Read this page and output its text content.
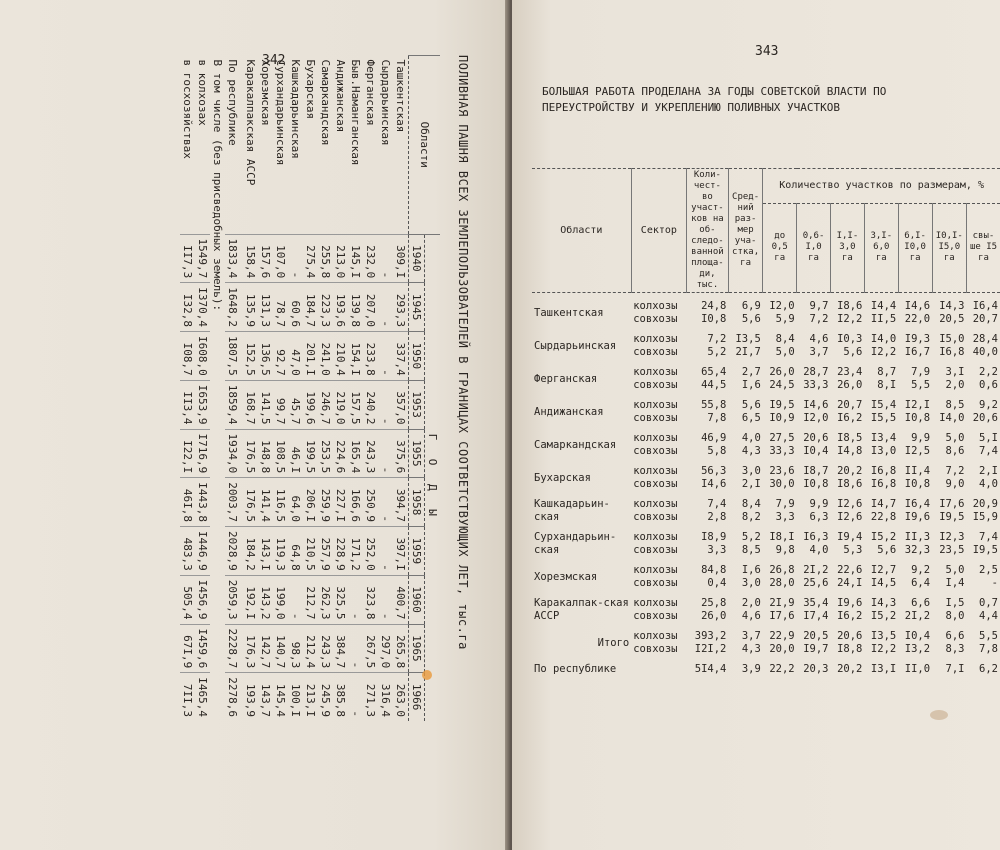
342	ПОЛИВНАЯ ПАШНЯ ВСЕХ ЗЕМЛЕПОЛЬЗОВАТЕЛЕЙ В ГРАНИЦАХ СООТВЕТСТВУЮЩИХ ЛЕТ, тыс.га
Области	Г О Д Ы									
	1940	1945	1950	1953	1955	1958	1959	1960	1965	1966
Ташкентская	309,I	293,3	337,4	357,0	375,6	394,7	397,I	400,7	265,8	263,0
Сырдарьинская	-	-	-	-	-	-	-	-	297,0	316,4
Ферганская	232,0	207,0	233,8	240,2	243,3	250,9	252,0	323,8	267,5	271,3
Быв.Наманганская	145,I	139,8	154,I	157,5	165,4	166,6	171,2	-	-	-
Андижанская	213,0	193,6	210,4	219,0	224,6	227,I	228,9	325,5	384,7	385,8
Самаркандская	255,8	223,3	241,0	246,7	253,5	259,9	257,9	262,3	243,3	245,9
Бухарская	275,4	184,7	201,I	199,6	199,5	206,I	210,5	212,7	212,4	213,I
Кашкадарьинская	-	60,6	47,0	45,7	46,I	64,0	64,8	-	98,3	100,I
Сурхандарьинская	107,0	78,7	92,7	99,7	108,5	116,5	119,3	199,0	140,7	145,4
Хорезмская	157,6	131,3	136,5	141,5	148,8	141,4	143,I	143,2	142,7	143,7
Каракалпакская АССР	158,4	135,9	152,5	168,7	176,5	176,5	184,2	192,I	176,3	193,9
По республике	1833,4	1648,2	1807,5	1859,4	1934,0	2003,7	2028,9	2059,3	2228,7	2278,6
В том числе (без присведобных земель):										
в колхозах	1549,7	I370,4	I608,0	I653,9	I716,9	I443,8	I446,9	I456,9	I459,6	I465,4
в госхозяйствах	II7,3	I32,8	I08,7	II3,4	I22,I	46I,8	483,3	505,4	67I,9	7II,3
343
БОЛЬШАЯ РАБОТА ПРОДЕЛАНА ЗА ГОДЫ СОВЕТСКОЙ ВЛАСТИ ПО ПЕРЕУСТРОЙСТВУ И УКРЕПЛЕНИЮ ПОЛИВНЫХ УЧАСТКОВ
Области	Сектор	Коли-чест-во участ-ков на об-следо-ванной площа-ди, тыс.	Сред-ний раз-мер уча-стка, га	Количество участков по размерам, %						
				до 0,5 га	0,6-I,0 га	I,I-3,0 га	3,I-6,0 га	6,I-I0,0 га	I0,I-I5,0 га	свы-ше I5 га

Ташкентская	колхозы	24,8	6,9	I2,0	9,7	I8,6	I4,4	I4,6	I4,3	I6,4
	совхозы	I0,8	5,6	5,9	7,2	I2,2	II,5	22,0	20,5	20,7

Сырдарьинская	колхозы	7,2	I3,5	8,4	4,6	I0,3	I4,0	I9,3	I5,0	28,4
	совхозы	5,2	2I,7	5,0	3,7	5,6	I2,2	I6,7	I6,8	40,0

Ферганская	колхозы	65,4	2,7	26,0	28,7	23,4	8,7	7,9	3,I	2,2
	совхозы	44,5	I,6	24,5	33,3	26,0	8,I	5,5	2,0	0,6

Андижанская	колхозы	55,8	5,6	I9,5	I4,6	20,7	I5,4	I2,I	8,5	9,2
	совхозы	7,8	6,5	I0,9	I2,0	I6,2	I5,5	I0,8	I4,0	20,6

Самаркандская	колхозы	46,9	4,0	27,5	20,6	I8,5	I3,4	9,9	5,0	5,I
	совхозы	5,8	4,3	33,3	I0,4	I4,8	I3,0	I2,5	8,6	7,4

Бухарская	колхозы	56,3	3,0	23,6	I8,7	20,2	I6,8	II,4	7,2	2,I
	совхозы	I4,6	2,I	30,0	I0,8	I8,6	I6,8	I0,8	9,0	4,0

Кашкадарьин-ская	колхозы	7,4	8,4	7,9	9,9	I2,6	I4,7	I6,4	I7,6	20,9
	совхозы	2,8	8,2	3,3	6,3	I2,6	22,8	I9,6	I9,5	I5,9

Сурхандарьин-ская	колхозы	I8,9	5,2	I8,I	I6,3	I9,4	I5,2	II,3	I2,3	7,4
	совхозы	3,3	8,5	9,8	4,0	5,3	5,6	32,3	23,5	I9,5

Хорезмская	колхозы	84,8	I,6	26,8	2I,2	22,6	I2,7	9,2	5,0	2,5
	совхозы	0,4	3,0	28,0	25,6	24,I	I4,5	6,4	I,4	-

Каракалпак-ская АССР	колхозы	25,8	2,0	2I,9	35,4	I9,6	I4,3	6,6	I,5	0,7
	совхозы	26,0	4,6	I7,6	I7,4	I6,2	I5,2	2I,2	8,0	4,4

Итого	колхозы	393,2	3,7	22,9	20,5	20,6	I3,5	I0,4	6,6	5,5
	совхозы	I2I,2	4,3	20,0	I9,7	I8,8	I2,2	I3,2	8,3	7,8

По республике		5I4,4	3,9	22,2	20,3	20,2	I3,I	II,0	7,I	6,2
